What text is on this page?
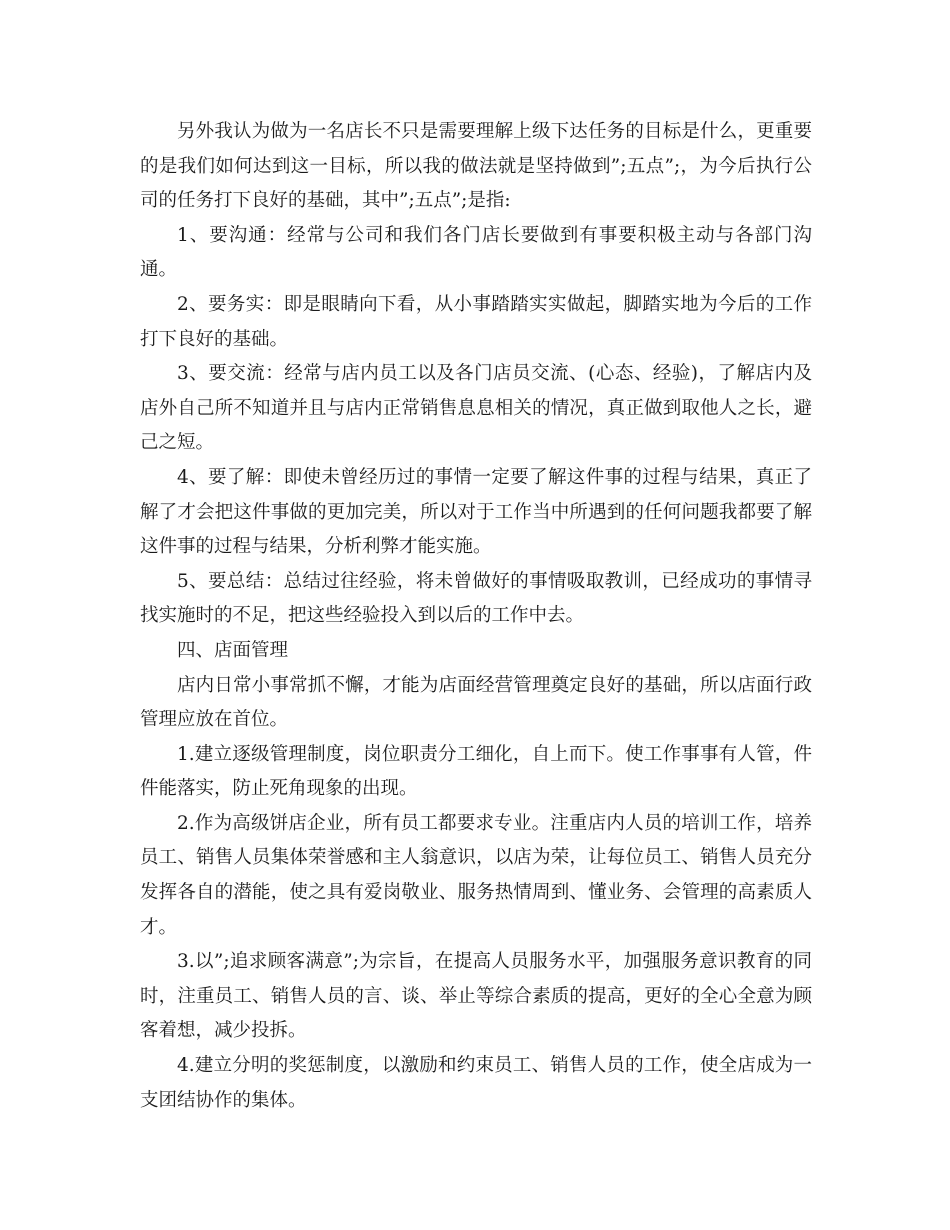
另外我认为做为一名店长不只是需要理解上级下达任务的目标是什么，更重要的是我们如何达到这一目标，所以我的做法就是坚持做到”;五点”;，为今后执行公司的任务打下良好的基础，其中”;五点”;是指:

1、要沟通：经常与公司和我们各门店长要做到有事要积极主动与各部门沟通。

2、要务实：即是眼睛向下看，从小事踏踏实实做起，脚踏实地为今后的工作打下良好的基础。

3、要交流：经常与店内员工以及各门店员交流、(心态、经验)，了解店内及店外自己所不知道并且与店内正常销售息息相关的情况，真正做到取他人之长，避己之短。

4、要了解：即使未曾经历过的事情一定要了解这件事的过程与结果，真正了解了才会把这件事做的更加完美，所以对于工作当中所遇到的任何问题我都要了解这件事的过程与结果，分析利弊才能实施。

5、要总结：总结过往经验，将未曾做好的事情吸取教训，已经成功的事情寻找实施时的不足，把这些经验投入到以后的工作中去。

四、店面管理

店内日常小事常抓不懈，才能为店面经营管理奠定良好的基础，所以店面行政管理应放在首位。

1.建立逐级管理制度，岗位职责分工细化，自上而下。使工作事事有人管，件件能落实，防止死角现象的出现。

2.作为高级饼店企业，所有员工都要求专业。注重店内人员的培训工作，培养员工、销售人员集体荣誉感和主人翁意识，以店为荣，让每位员工、销售人员充分发挥各自的潜能，使之具有爱岗敬业、服务热情周到、懂业务、会管理的高素质人才。

3.以”;追求顾客满意”;为宗旨，在提高人员服务水平，加强服务意识教育的同时，注重员工、销售人员的言、谈、举止等综合素质的提高，更好的全心全意为顾客着想，减少投拆。

4.建立分明的奖惩制度，以激励和约束员工、销售人员的工作，使全店成为一支团结协作的集体。
